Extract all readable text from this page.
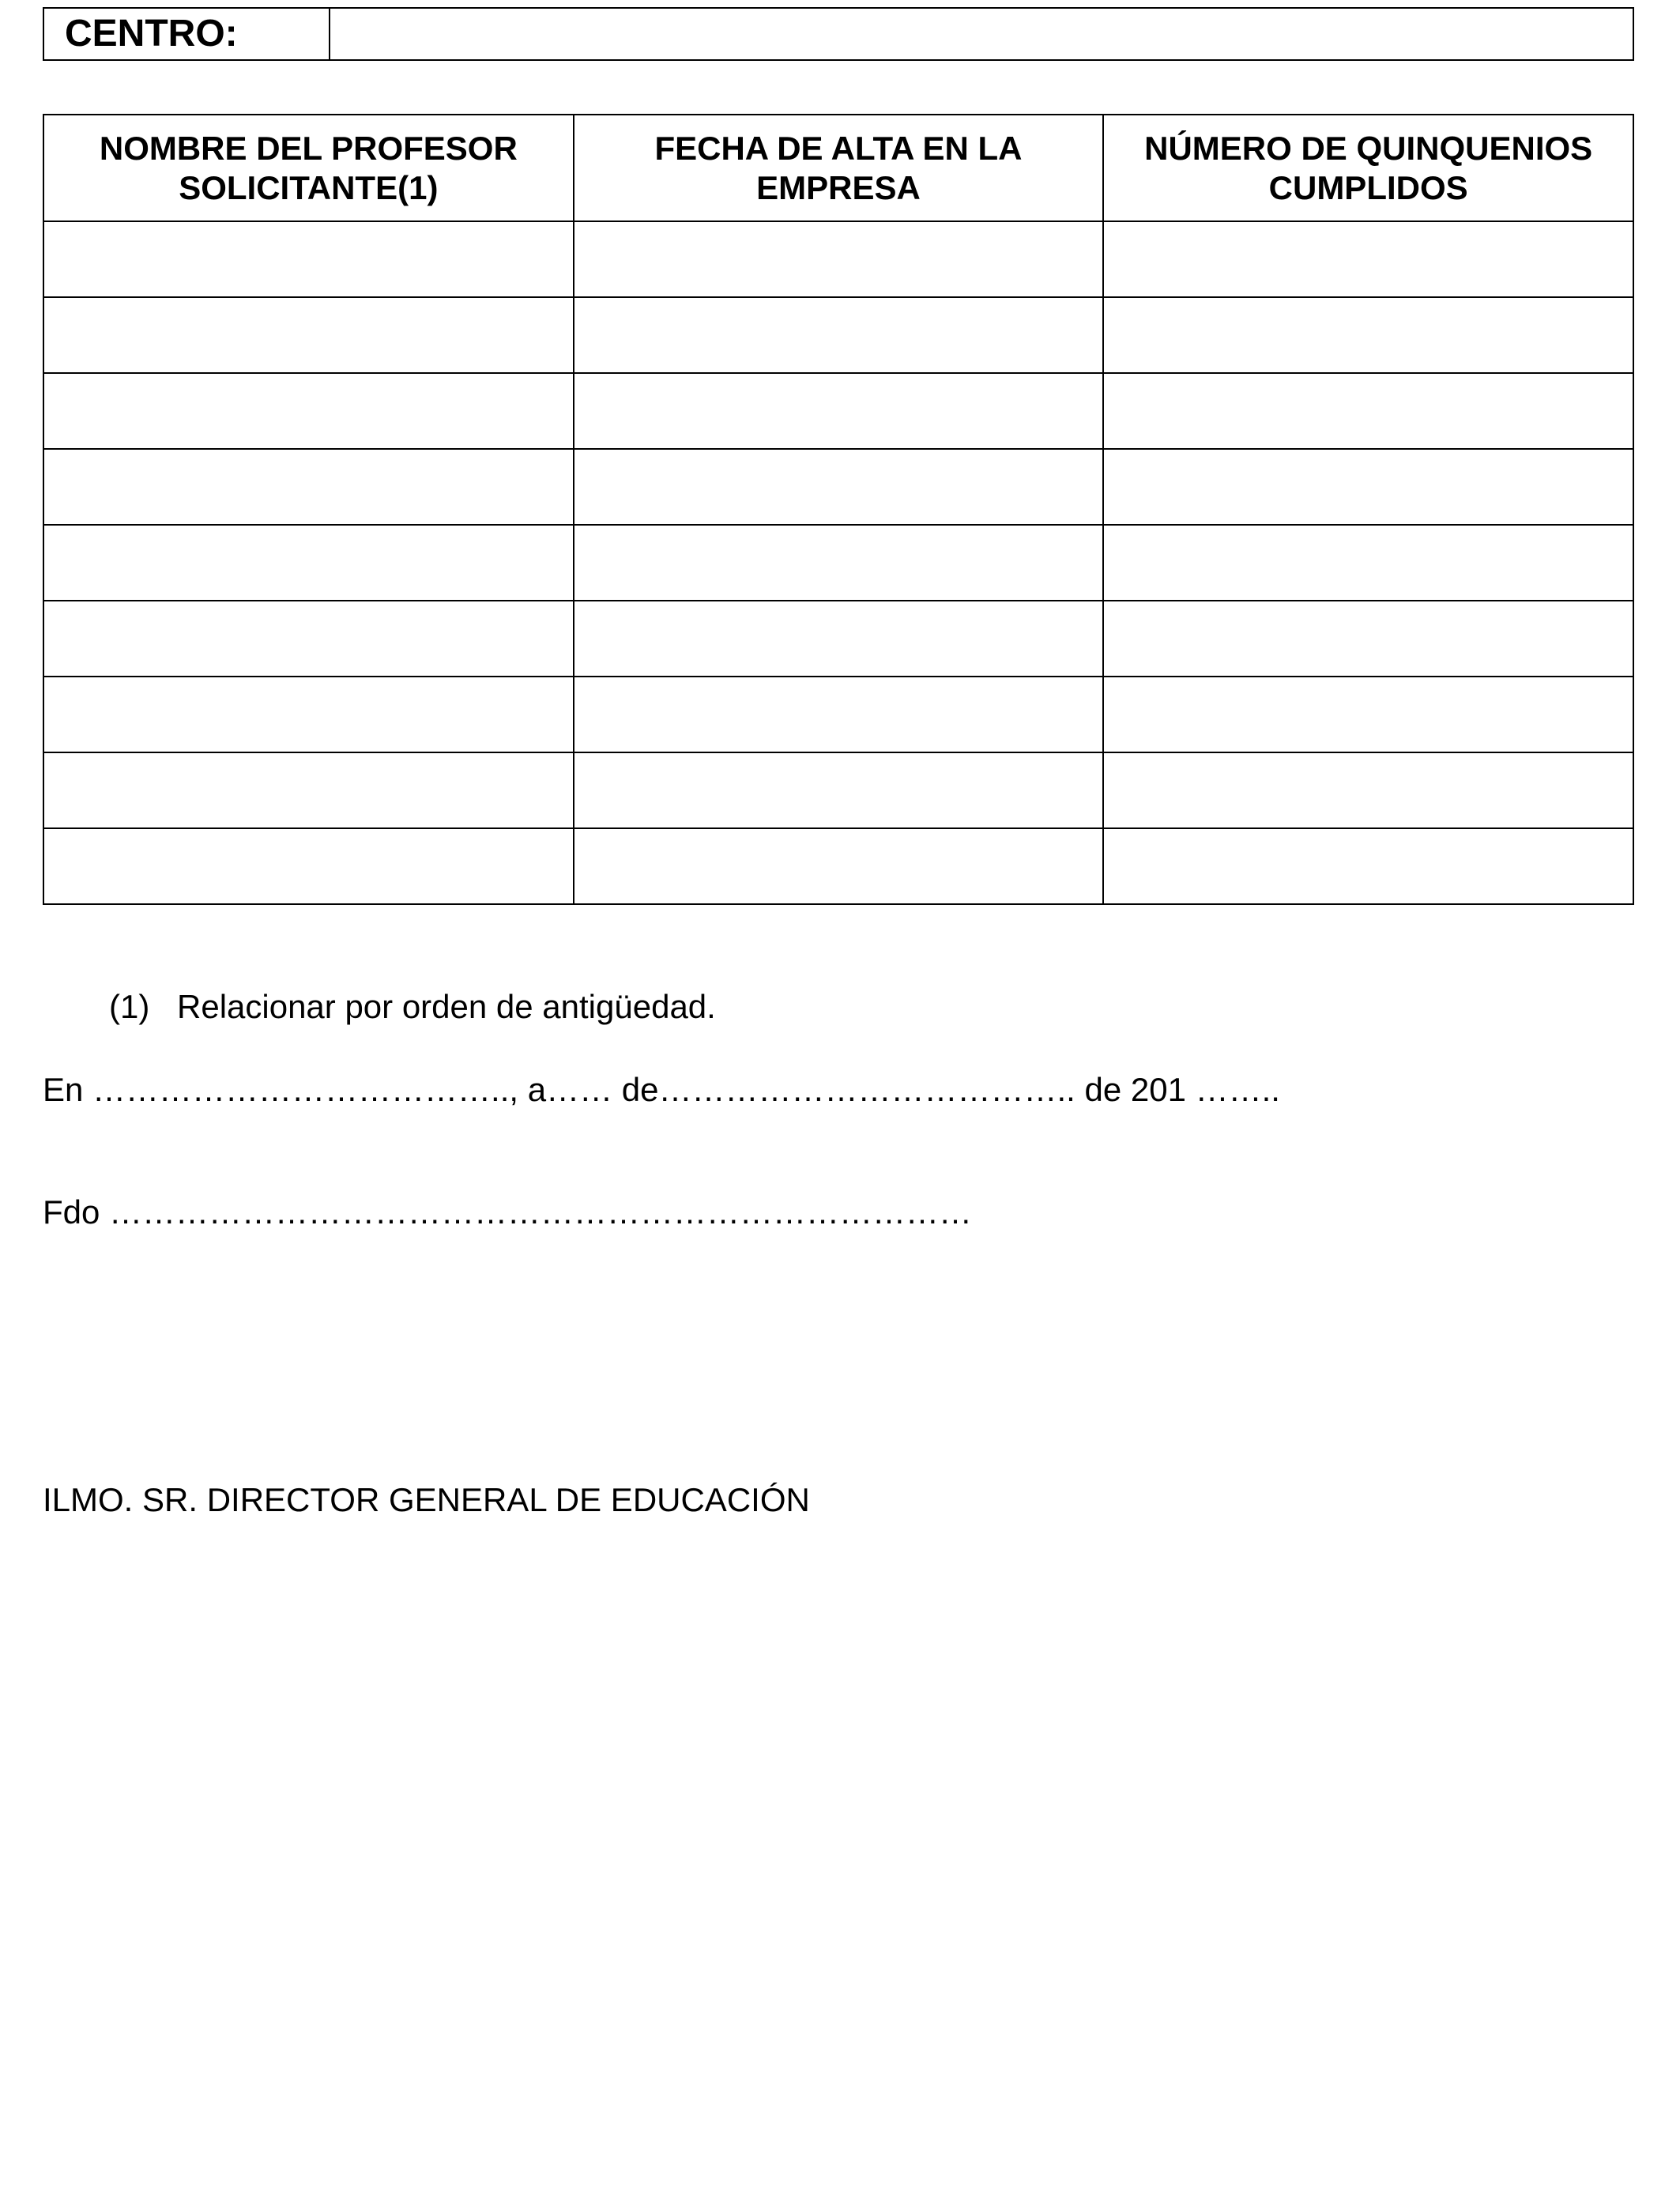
CENTRO:	
NOMBRE DEL PROFESOR SOLICITANTE(1)	FECHA DE ALTA EN LA EMPRESA	NÚMERO DE QUINQUENIOS CUMPLIDOS

(1) Relacionar por orden de antigüedad.
En ……………………………….., a…… de……………………………….. de 201 ……..
Fdo ……………………………………………………………………
ILMO. SR. DIRECTOR GENERAL DE EDUCACIÓN
